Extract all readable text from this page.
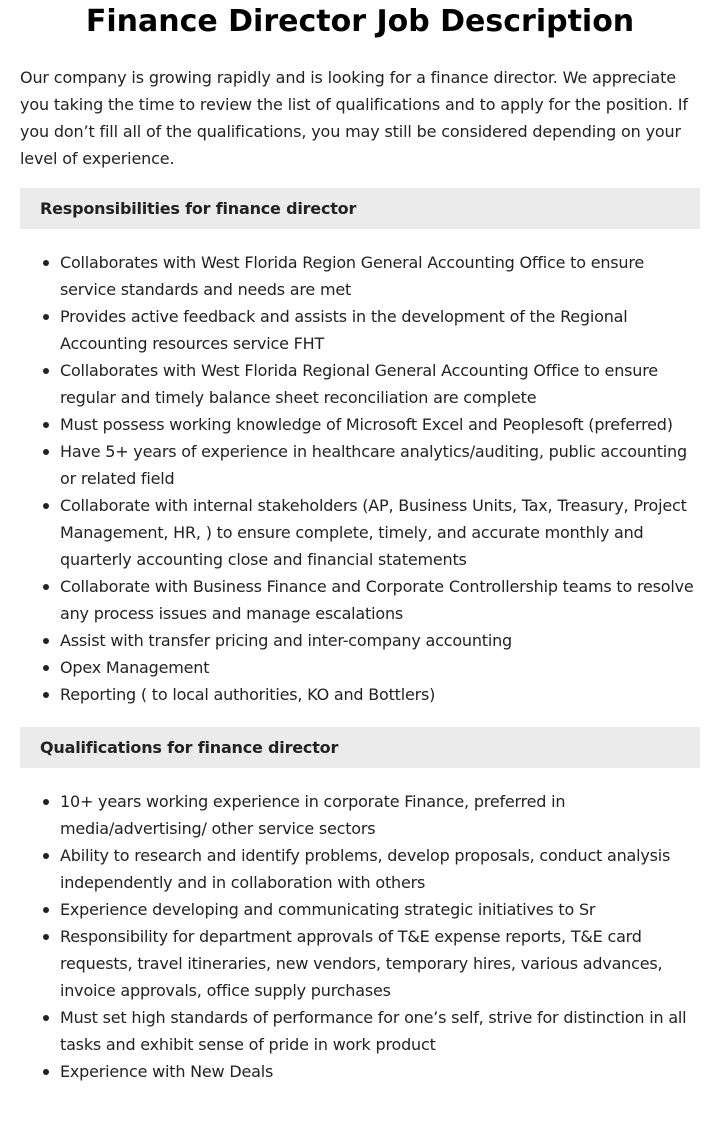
Finance Director Job Description

Our company is growing rapidly and is looking for a finance director. We appreciate you taking the time to review the list of qualifications and to apply for the position. If you don’t fill all of the qualifications, you may still be considered depending on your level of experience.

Responsibilities for finance director
Collaborates with West Florida Region General Accounting Office to ensure service standards and needs are met
Provides active feedback and assists in the development of the Regional Accounting resources service FHT
Collaborates with West Florida Regional General Accounting Office to ensure regular and timely balance sheet reconciliation are complete
Must possess working knowledge of Microsoft Excel and Peoplesoft (preferred)
Have 5+ years of experience in healthcare analytics/auditing, public accounting or related field
Collaborate with internal stakeholders (AP, Business Units, Tax, Treasury, Project Management, HR, ) to ensure complete, timely, and accurate monthly and quarterly accounting close and financial statements
Collaborate with Business Finance and Corporate Controllership teams to resolve any process issues and manage escalations
Assist with transfer pricing and inter-company accounting
Opex Management
Reporting ( to local authorities, KO and Bottlers)
Qualifications for finance director
10+ years working experience in corporate Finance, preferred in media/advertising/ other service sectors
Ability to research and identify problems, develop proposals, conduct analysis independently and in collaboration with others
Experience developing and communicating strategic initiatives to Sr
Responsibility for department approvals of T&E expense reports, T&E card requests, travel itineraries, new vendors, temporary hires, various advances, invoice approvals, office supply purchases
Must set high standards of performance for one’s self, strive for distinction in all tasks and exhibit sense of pride in work product
Experience with New Deals
